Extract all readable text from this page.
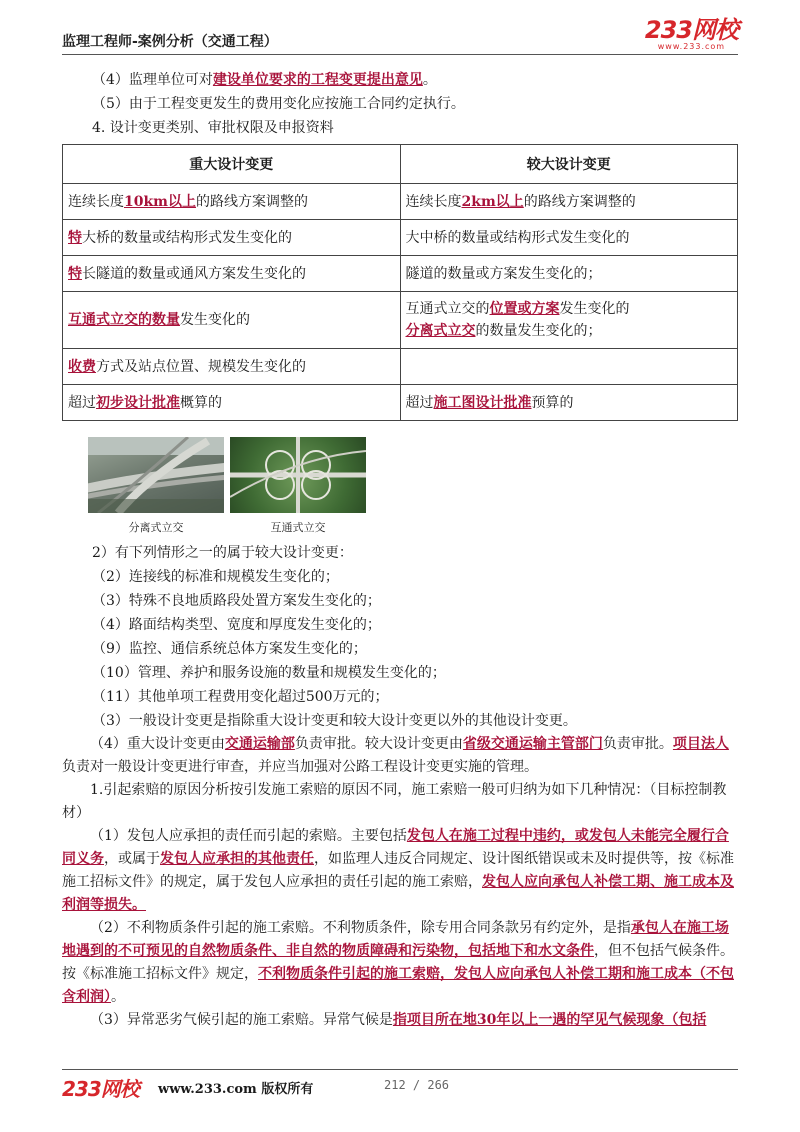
监理工程师-案例分析（交通工程）	233网校
www.233.com

（4）监理单位可对建设单位要求的工程变更提出意见。

（5）由于工程变更发生的费用变化应按施工合同约定执行。

4. 设计变更类别、审批权限及申报资料

重大设计变更	较大设计变更
连续长度10km以上的路线方案调整的	连续长度2km以上的路线方案调整的
特大桥的数量或结构形式发生变化的	大中桥的数量或结构形式发生变化的
特长隧道的数量或通风方案发生变化的	隧道的数量或方案发生变化的；
互通式立交的数量发生变化的	互通式立交的位置或方案发生变化的
分离式立交的数量发生变化的；

收费方式及站点位置、规模发生变化的	
超过初步设计批准概算的	超过施工图设计批准预算的
分离式立交	互通式立交

2）有下列情形之一的属于较大设计变更：

（2）连接线的标准和规模发生变化的；

（3）特殊不良地质路段处置方案发生变化的；

（4）路面结构类型、宽度和厚度发生变化的；

（9）监控、通信系统总体方案发生变化的；

（10）管理、养护和服务设施的数量和规模发生变化的；

（11）其他单项工程费用变化超过500万元的；

（3）一般设计变更是指除重大设计变更和较大设计变更以外的其他设计变更。

（4）重大设计变更由交通运输部负责审批。较大设计变更由省级交通运输主管部门负责审批。项目法人负责对一般设计变更进行审查，并应当加强对公路工程设计变更实施的管理。

1.引起索赔的原因分析按引发施工索赔的原因不同，施工索赔一般可归纳为如下几种情况：（目标控制教材）

（1）发包人应承担的责任而引起的索赔。主要包括发包人在施工过程中违约，或发包人未能完全履行合同义务，或属于发包人应承担的其他责任，如监理人违反合同规定、设计图纸错误或未及时提供等，按《标准施工招标文件》的规定，属于发包人应承担的责任引起的施工索赔，发包人应向承包人补偿工期、施工成本及利润等损失。

（2）不利物质条件引起的施工索赔。不利物质条件，除专用合同条款另有约定外，是指承包人在施工场地遇到的不可预见的自然物质条件、非自然的物质障碍和污染物，包括地下和水文条件，但不包括气候条件。按《标准施工招标文件》规定，不利物质条件引起的施工索赔，发包人应向承包人补偿工期和施工成本（不包含利润）。

（3）异常恶劣气候引起的施工索赔。异常气候是指项目所在地30年以上一遇的罕见气候现象（包括

233网校 www.233.com 版权所有	212 / 266
